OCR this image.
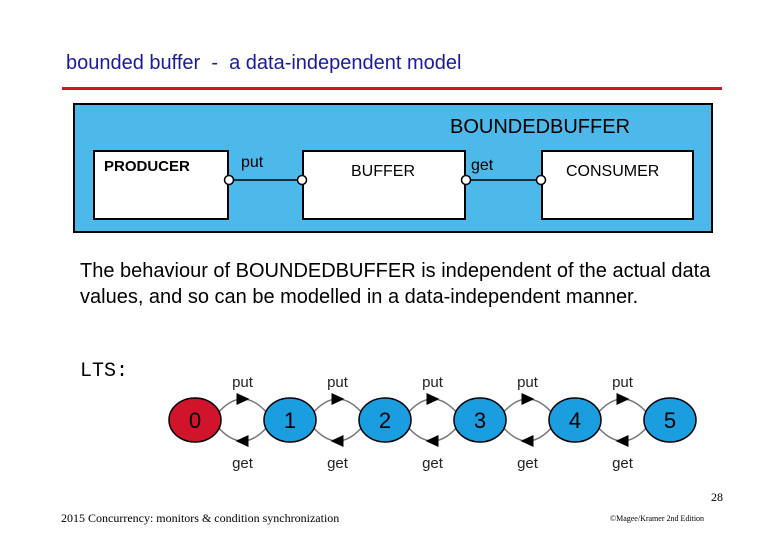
bounded buffer  -  a data-independent model
BOUNDEDBUFFER
PRODUCER	BUFFER	CONSUMER
put	get
The behaviour of BOUNDEDBUFFER is independent of the actual data values, and so can be modelled in a data-independent manner.
LTS:	put
get
put
get
put
get
put
get
put
get
0	1	2	3	4	5
28
2015 Concurrency: monitors & condition synchronization	©Magee/Kramer 2nd Edition
